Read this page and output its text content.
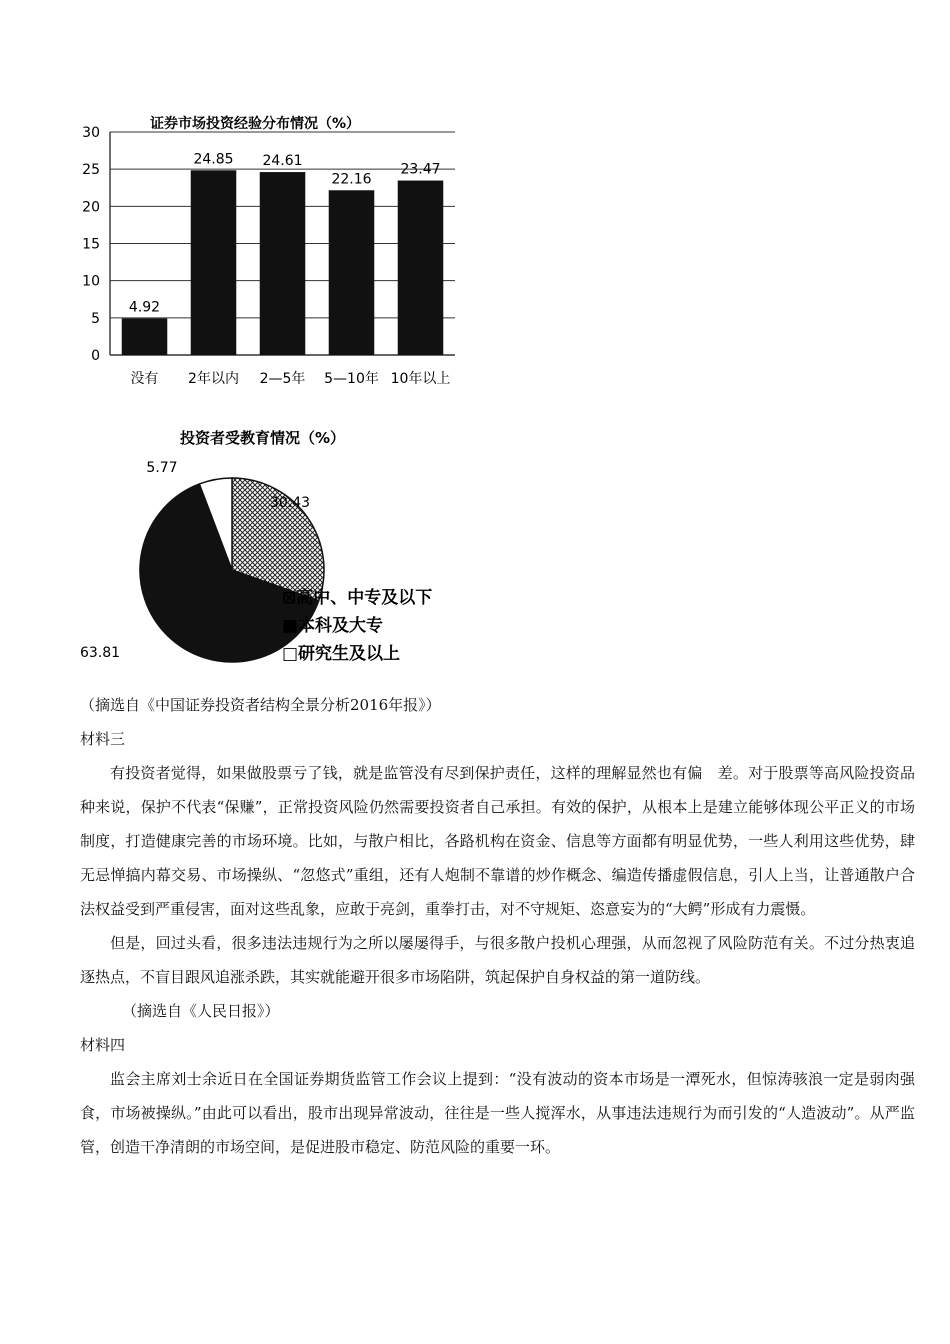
证券市场投资经验分布情况（%）
0
5
10
15
20
25
30
4.92
24.85 24.61
22.16
23.47
没有 2年以内 2—5年 5—10年 10年以上
投资者受教育情况（%）
30.43
63.81
5.77
⊠高中、中专及以下
■本科及大专
□研究生及以上

（摘选自《中国证券投资者结构全景分析2016年报》）

材料三

有投资者觉得，如果做股票亏了钱，就是监管没有尽到保护责任，这样的理解显然也有偏　差。对于股票等高风险投资品种来说，保护不代表“保赚”，正常投资风险仍然需要投资者自己承担。有效的保护，从根本上是建立能够体现公平正义的市场制度，打造健康完善的市场环境。比如，与散户相比，各路机构在资金、信息等方面都有明显优势，一些人利用这些优势，肆无忌惮搞内幕交易、市场操纵、“忽悠式”重组，还有人炮制不靠谱的炒作概念、编造传播虚假信息，引人上当，让普通散户合法权益受到严重侵害，面对这些乱象，应敢于亮剑，重拳打击，对不守规矩、恣意妄为的“大鳄”形成有力震慑。

但是，回过头看，很多违法违规行为之所以屡屡得手，与很多散户投机心理强，从而忽视了风险防范有关。不过分热衷追逐热点，不盲目跟风追涨杀跌，其实就能避开很多市场陷阱，筑起保护自身权益的第一道防线。

（摘选自《人民日报》）

材料四

监会主席刘士余近日在全国证券期货监管工作会议上提到：“没有波动的资本市场是一潭死水，但惊涛骇浪一定是弱肉强食，市场被操纵。”由此可以看出，股市出现异常波动，往往是一些人搅浑水，从事违法违规行为而引发的“人造波动”。从严监管，创造干净清朗的市场空间，是促进股市稳定、防范风险的重要一环。
